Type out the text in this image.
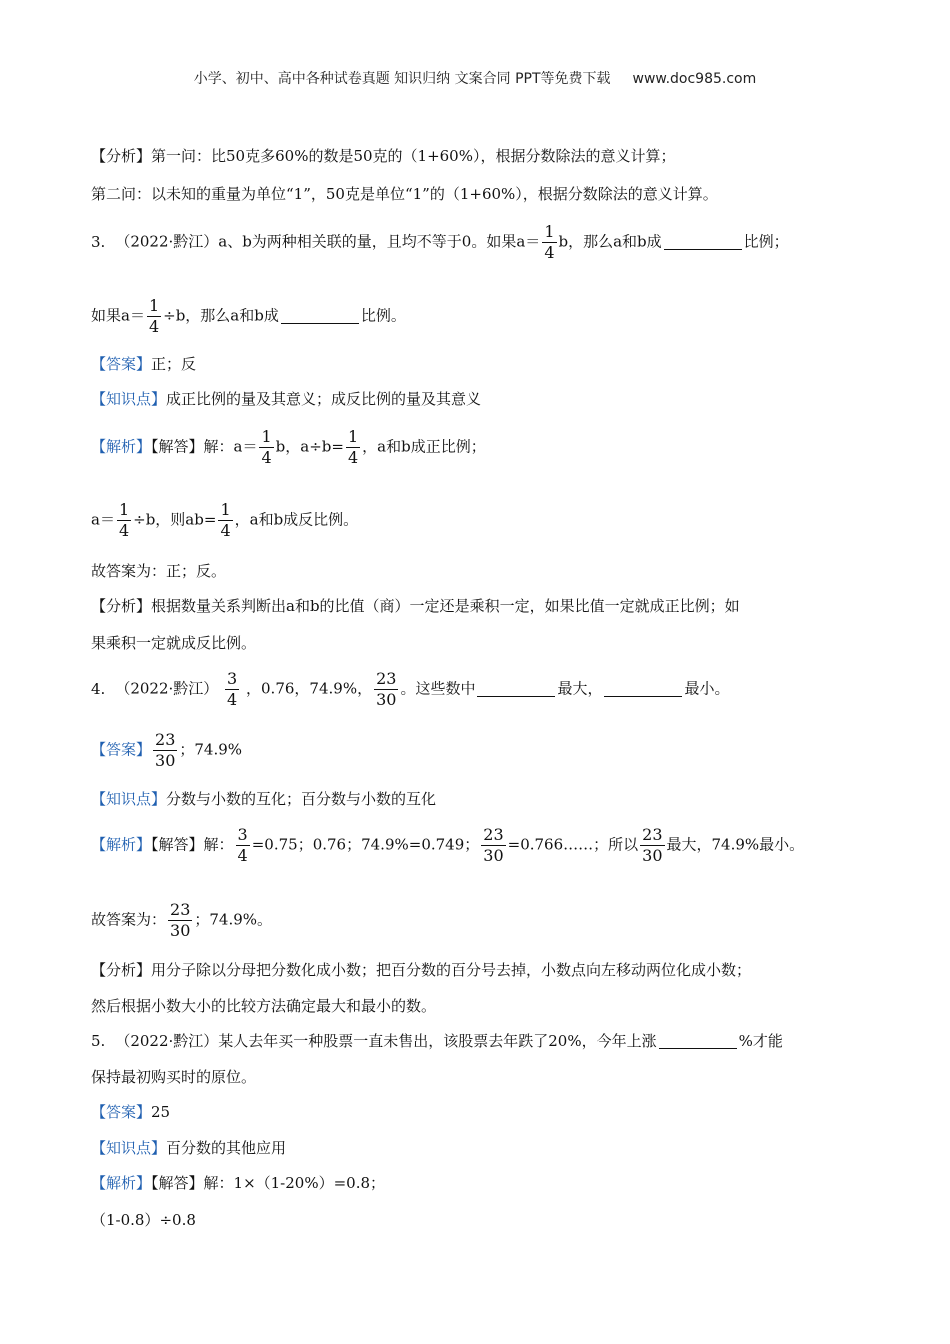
小学、初中、高中各种试卷真题 知识归纳 文案合同 PPT等免费下载 www.doc985.com
【分析】第一问：比50克多60%的数是50克的（1+60%），根据分数除法的意义计算；
第二问：以未知的重量为单位“1”，50克是单位“1”的（1+60%），根据分数除法的意义计算。
3. （2022·黔江）a、b为两种相关联的量，且均不等于0。如果$a= \frac{1}{4}$ b，那么a和b成	比例；
如果$a= \frac{1}{4} \div b$，那么a和b成	比例。
【答案】正；反
【知识点】成正比例的量及其意义；成反比例的量及其意义
【解析】【解答】解：$a= \frac{1}{4}$ b，$a\div b= \frac{1}{4}$ ，a和b成正比例；
$a= \frac{1}{4} \div b$，则$ab= \frac{1}{4}$ ，a和b成反比例。
故答案为：正；反。
【分析】根据数量关系判断出a和b的比值（商）一定还是乘积一定，如果比值一定就成正比例；如
果乘积一定就成反比例。
4. （2022·黔江） $\frac{3}{4}$ ，0.76，74.9%， $\frac{23}{30}$ 。这些数中	最大，	最小。
【答案】 $\frac{23}{30}$ ；74.9%
【知识点】分数与小数的互化；百分数与小数的互化
【解析】【解答】解： $\frac{3}{4} =0.75$；0.76；74.9%=0.749； $\frac{23}{30}$ =0.766……；所以 $\frac{23}{30}$ 最大，74.9%最小。
故答案为： $\frac{23}{30}$ ；74.9%。
【分析】用分子除以分母把分数化成小数；把百分数的百分号去掉，小数点向左移动两位化成小数；
然后根据小数大小的比较方法确定最大和最小的数。
5. （2022·黔江）某人去年买一种股票一直未售出，该股票去年跌了20%，今年上涨	%才能
保持最初购买时的原位。
【答案】25
【知识点】百分数的其他应用
【解析】【解答】解：1×（1-20%）=0.8；
（1-0.8）÷0.8
